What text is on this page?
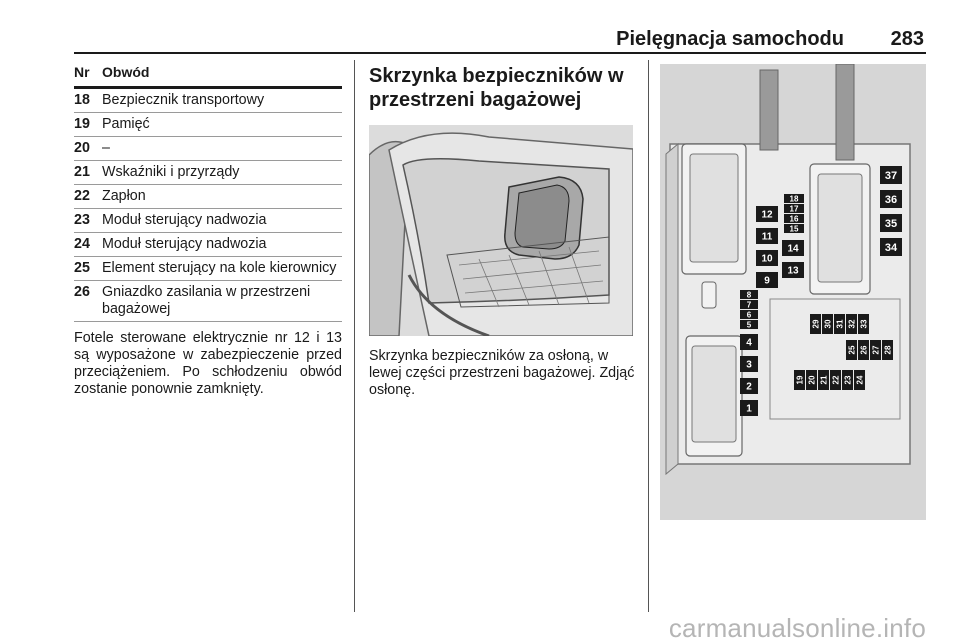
Pielęgnacja samochodu 283
Nr Obwód
18 Bezpiecznik transportowy
19 Pamięć
20 –
21 Wskaźniki i przyrządy
22 Zapłon
23 Moduł sterujący nadwozia
24 Moduł sterujący nadwozia
25 Element sterujący na kole kierownicy
26 Gniazdko zasilania w przestrzeni bagażowej
Fotele sterowane elektrycznie nr 12 i 13 są wyposażone w zabezpieczenie przed przeciążeniem. Po schłodzeniu obwód zostanie ponownie zamknięty.
Skrzynka bezpieczników w przestrzeni bagażowej
Skrzynka bezpieczników za osłoną, w lewej części przestrzeni bagażowej. Zdjąć osłonę.
37
36
35
34
18
17
16
15
12
11
10
9
14
13
8
7
6
5
4
3
2
1
29 30 31 32 33
25 26 27 28
19 20 21 22 23 24
carmanualsonline.info
